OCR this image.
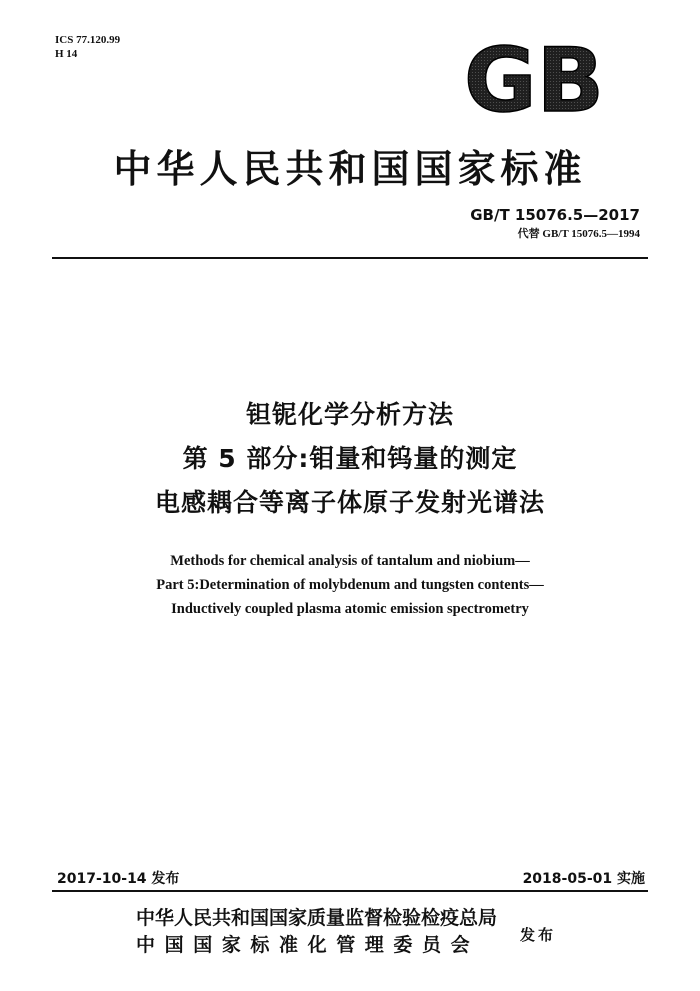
ICS 77.120.99
H 14	GB
中华人民共和国国家标准
GB/T 15076.5—2017
代替 GB/T 15076.5—1994
钽铌化学分析方法
第 5 部分:钼量和钨量的测定
电感耦合等离子体原子发射光谱法
Methods for chemical analysis of tantalum and niobium—
Part 5:Determination of molybdenum and tungsten contents—
Inductively coupled plasma atomic emission spectrometry
2017-10-14 发布	2018-05-01 实施
中华人民共和国国家质量监督检验检疫总局
中国国家标准化管理委员会	发布
